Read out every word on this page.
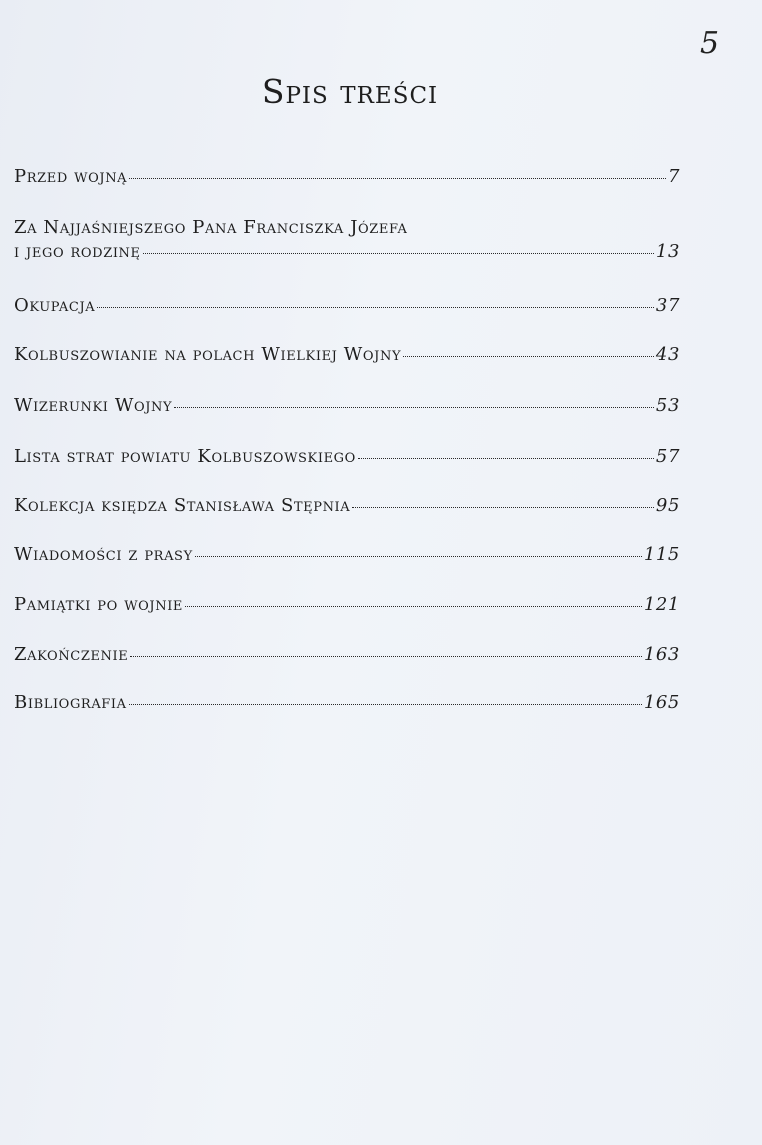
5
Spis treści
Przed wojną	7
Za Najjaśniejszego Pana Franciszka Józefa
i jego rodzinę	13
Okupacja	37
Kolbuszowianie na polach Wielkiej Wojny	43
Wizerunki Wojny	53
Lista strat powiatu Kolbuszowskiego	57
Kolekcja księdza Stanisława Stępnia	95
Wiadomości z prasy	115
Pamiątki po wojnie	121
Zakończenie	163
Bibliografia	165
